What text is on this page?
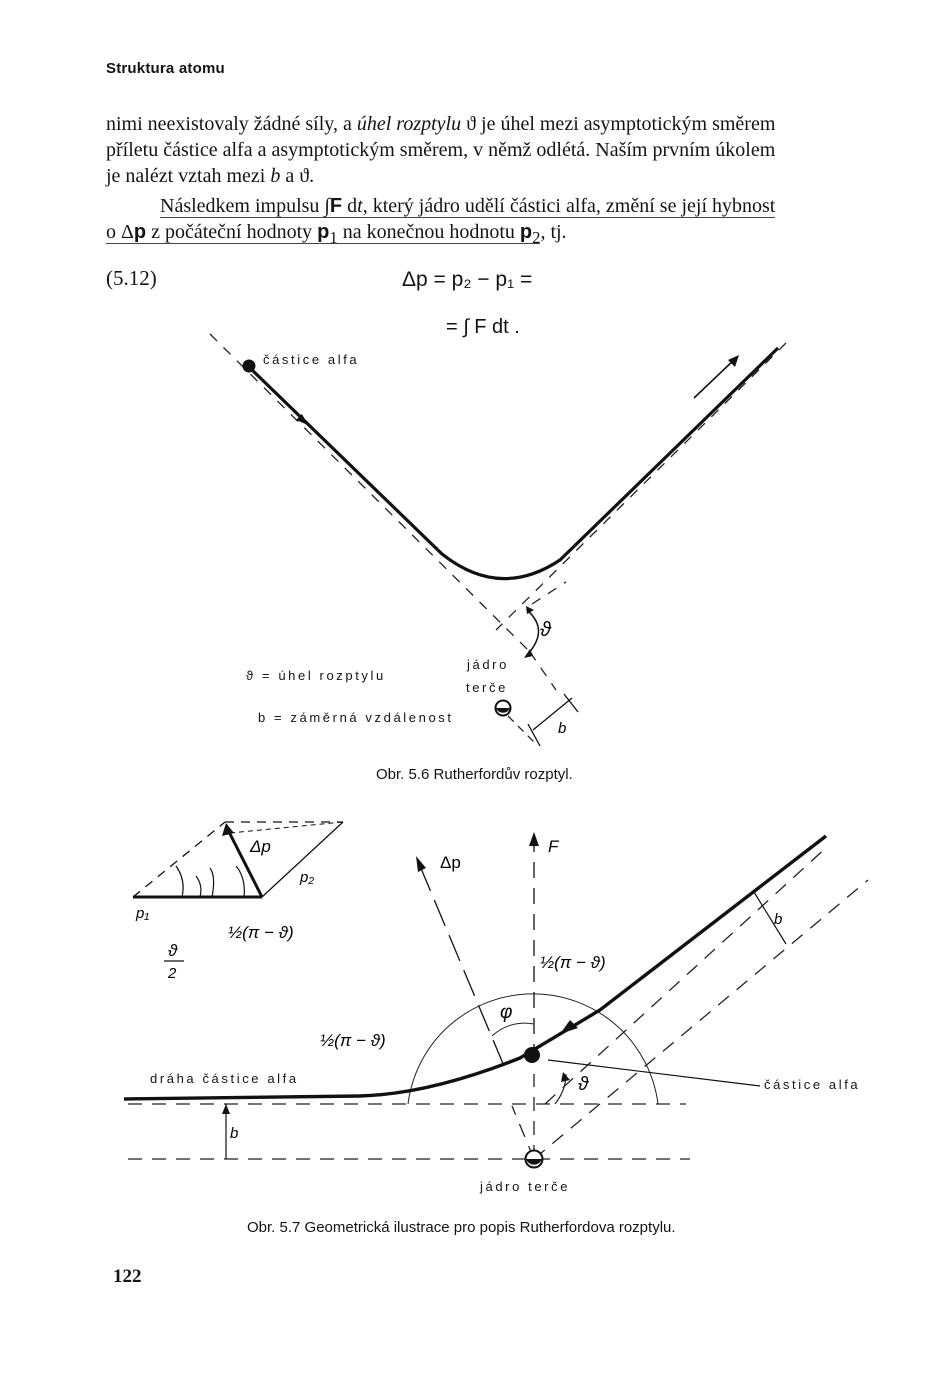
Struktura atomu
nimi neexistovaly žádné síly, a úhel rozptylu ϑ je úhel mezi asymptotickým směrem
příletu částice alfa a asymptotickým směrem, v němž odlétá. Naším prvním úkolem
je nalézt vztah mezi b a ϑ.
Následkem impulsu ∫F dt, který jádro udělí částici alfa, změní se její hybnost
o Δp z počáteční hodnoty $p_1$ na konečnou hodnotu $p_2$, tj.
(5.12)	Δp = p₂ − p₁ =
= ∫ F dt .
ϑ
b
částice alfa
jádro
terče
ϑ = úhel rozptylu
b = záměrná vzdálenost
Obr. 5.6 Rutherfordův rozptyl.
Δp
p₂
p₁
ϑ
2
½(π − ϑ)
Δp
F
½(π − ϑ)
½(π − ϑ)
φ
ϑ
b
b
dráha částice alfa	částice alfa
jádro terče
Obr. 5.7 Geometrická ilustrace pro popis Rutherfordova rozptylu.
122
